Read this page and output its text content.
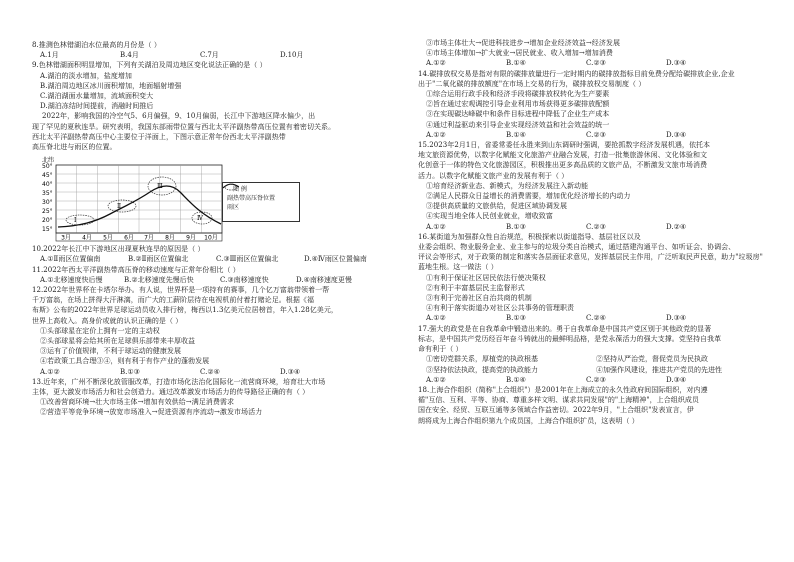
8.推测色林错湖泊水位最高的月份是（ ）
A.1月	B.4月	C.7月	D.10月
9.色林错湖面积明显增加，下列有关湖泊及周边地区变化说法正确的是（ ）
A.湖泊的淡水增加，盐度增加
B.湖泊周边地区冰川面积增加，地面辐射增强
C.湖泊湖面水量增加，流域面积变大
D.湖泊冻结时间提前，消融时间推后
2022年，影响我国的冷空气5、6月偏强，9、10月偏弱，长江中下游地区降水偏少，出
现了罕见的夏秋连旱。研究表明，我国东部雨带位置与西北太平洋副热带高压位置有着密切关系。
西北太平洋副热带高压中心主要位于洋面上，下图示意正常年份西北太平洋副热带
高压脊北进与雨区的位置。
北纬
50°
45°
40°
35°
30°
25°
20°
15°
3月 4月 5月 6月 7月 8月 9月 10月
Ⅰ
Ⅱ
Ⅲ
Ⅳ
图 例
副热带高压脊位置
雨区
10.2022年长江中下游地区出现夏秋连旱的原因是（ ）
A.①Ⅱ雨区位置偏南	B.②Ⅱ雨区位置偏北	C.③Ⅲ雨区位置偏北	D.④Ⅳ雨区位置偏南
11.2022年西太平洋副热带高压脊的移动速度与正常年份相比（ ）
A.①北移速度快后慢	B.②北移速度先慢后快	C.③南移速度快	D.④南移速度更慢
12.2022年世界杯在卡塔尔举办。有人说，世界杯是一项持有的赛事，几个亿万富翁带领着一帮
千万富翁，在场上拼得大汗淋漓，而广大的工薪阶层待在电视机前付着打赌论足。根据《福
布斯》公布的2022年世界足球运动员收入排行榜，梅西以1.3亿美元位居榜首，年入1.28亿美元，
世界上高收入。高身价或就的认识正确的是（ ）
①头部球星在定价上拥有一定的主动权
②头部球星将会给其所在足球俱乐部带来丰厚收益
③运有了价值规律，不利于球运动的健康发展
④若政策工具合理③④，则有利于有作产业的蓬勃发展
A.①②	B.①③	C.②④	D.③④
13.近年来，广州不断深化放管服改革，打造市场化法治化国际化一流营商环境，培育壮大市场
主体，更大激发市场活力和社会创造力。通过改革激发市场活力的传导路径正确的有（ ）
①改善营商环境→壮大市场主体→增加有效供给→满足消费需求
②营造平等竞争环境→放宽市场准入→促进资源有序流动→激发市场活力
③市场主体壮大→促进科技进步→增加企业经济效益→经济发展
④市场主体增加→扩大就业→居民就业、收入增加→增加消费
A.①②	B.①④	C.②③	D.③④
14.碳排放权交易是指对有限的碳排放量进行一定时期内的碳排放指标目前免费分配给碳排放企业,企业
出于"二氧化碳的排放额度"在市场上交易的行为，碳排放权交易制度（ ）
①综合运用行政手段和经济手段将碳排放权转化为生产要素
②旨在通过宏观调控引导企业利用市场获得更多碳排放配额
③在实现碳达峰碳中和条件目标进程中降低了企业生产成本
④通过利益驱动来引导企业实现经济效益和社会效益的统一
A.①②	B.①④	C.②③	D.③④
15.2023年2月1日，省委常委任永胜来到山东调研时强调，要抢抓数字经济发展机遇，依托本
地文旅资源优势，以数字化赋能文化旅游产业融合发展，打造一批集旅游休闲、文化体验和文
化创意于一体的特色文化旅游园区，积极推出更多高品质的文旅产品，不断激发文旅市场消费
活力。以数字化赋能文旅产业的发展有利于（ ）
①培育经济新业态、新模式，为经济发展注入新动能
②满足人民群众日益增长的消费需要，增加优化经济增长的内动力
③提供高质量的文旅供给，促进区域协调发展
④实现当地全体人民创业就业，增收致富
A.①②	B.①③	C.②③	D.②④
16.某街道为加强群众性自治规范，积极探索以街道指导、基层社区以及
业委会组织、物业服务企业、业主参与的垃圾分类自治模式，通过搭建沟通平台、如听证会、协调会、
评议会等形式，对于政策的制定和落实各层面征求意见，发挥基层民主作用，广泛听取民声民意，助力"垃圾房"
蓝地生根。这一做法（ ）
①有利于保证社区居民依法行使决策权
②有利于丰富基层民主监督形式
③有利于完善社区自治共商的机制
④有利于落实街道办对社区公共事务的管理职责
A.①②	B.①③	C.②④	D.③④
17.强大的政党是在自我革命中锻造出来的。勇于自我革命是中国共产党区别于其他政党的显著
标志，是中国共产党历经百年奋斗铸就出的最鲜明品格，是党永葆活力的强大支撑。党坚持自我革
命有利于（ ）
①密切党群关系，厚植党的执政根基	②坚持从严治党，督促党员为民执政
③坚持依法执政，提高党的执政能力	④加强作风建设，推进共产党员的先进性
A.①②	B.①④	C.②③	D.③④
18.上海合作组织（简称"上合组织"）是2001年在上海成立的永久性政府间国际组织，对内遵
循"互信、互利、平等、协商、尊重多样文明、谋求共同发展"的"上海精神"，上合组织成员
国在安全、经贸、互联互通等多领域合作益密切。2022年9月，"上合组织"发表宣言，伊
朗将成为上海合作组织第九个成员国，上海合作组织扩员，这表明（ ）
